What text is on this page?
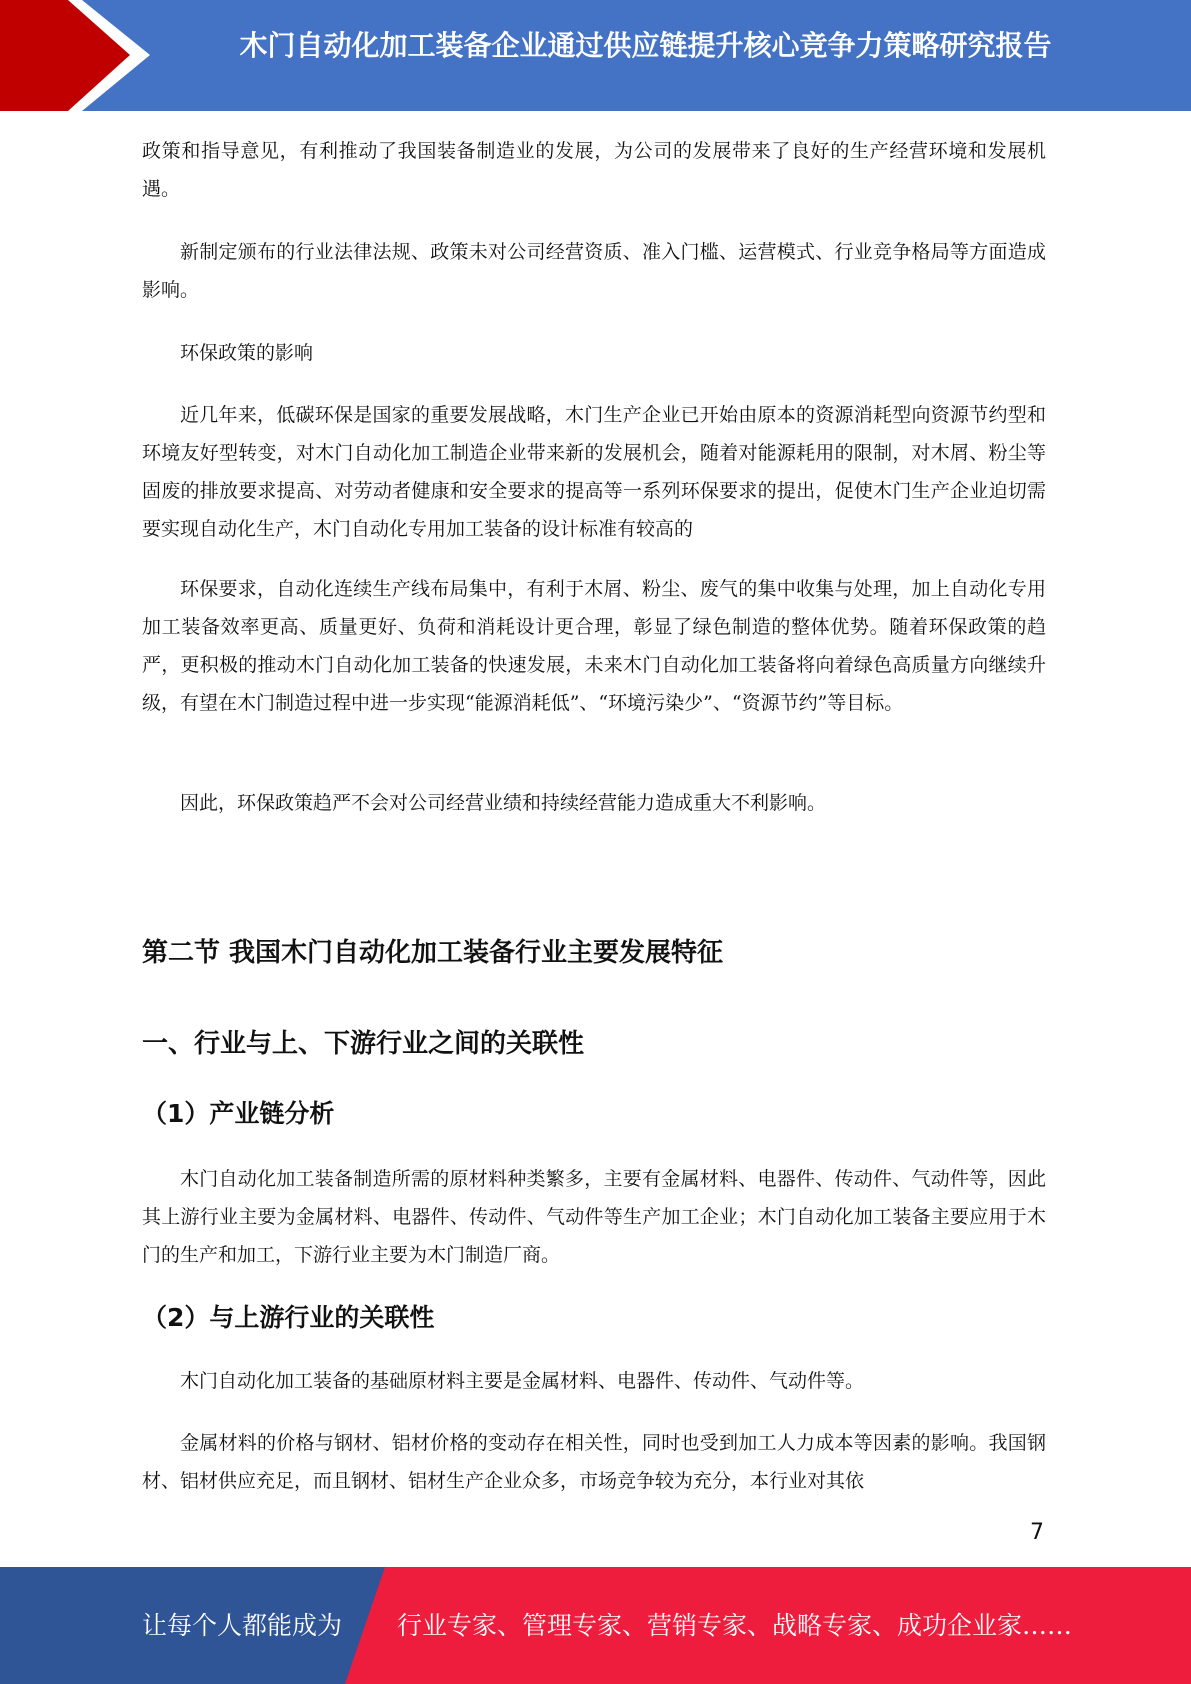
木门自动化加工装备企业通过供应链提升核心竞争力策略研究报告

政策和指导意见，有利推动了我国装备制造业的发展，为公司的发展带来了良好的生产经营环境和发展机遇。

新制定颁布的行业法律法规、政策未对公司经营资质、准入门槛、运营模式、行业竞争格局等方面造成影响。

环保政策的影响

近几年来，低碳环保是国家的重要发展战略，木门生产企业已开始由原本的资源消耗型向资源节约型和环境友好型转变，对木门自动化加工制造企业带来新的发展机会，随着对能源耗用的限制，对木屑、粉尘等固废的排放要求提高、对劳动者健康和安全要求的提高等一系列环保要求的提出，促使木门生产企业迫切需要实现自动化生产，木门自动化专用加工装备的设计标准有较高的

环保要求，自动化连续生产线布局集中，有利于木屑、粉尘、废气的集中收集与处理，加上自动化专用加工装备效率更高、质量更好、负荷和消耗设计更合理，彰显了绿色制造的整体优势。随着环保政策的趋严，更积极的推动木门自动化加工装备的快速发展，未来木门自动化加工装备将向着绿色高质量方向继续升级，有望在木门制造过程中进一步实现“能源消耗低”、“环境污染少”、“资源节约”等目标。

因此，环保政策趋严不会对公司经营业绩和持续经营能力造成重大不利影响。

第二节 我国木门自动化加工装备行业主要发展特征
一、行业与上、下游行业之间的关联性
（1）产业链分析

木门自动化加工装备制造所需的原材料种类繁多，主要有金属材料、电器件、传动件、气动件等，因此其上游行业主要为金属材料、电器件、传动件、气动件等生产加工企业；木门自动化加工装备主要应用于木门的生产和加工，下游行业主要为木门制造厂商。

（2）与上游行业的关联性

木门自动化加工装备的基础原材料主要是金属材料、电器件、传动件、气动件等。

金属材料的价格与钢材、铝材价格的变动存在相关性，同时也受到加工人力成本等因素的影响。我国钢材、铝材供应充足，而且钢材、铝材生产企业众多，市场竞争较为充分，本行业对其依

7
让每个人都能成为 行业专家、管理专家、营销专家、战略专家、成功企业家……
